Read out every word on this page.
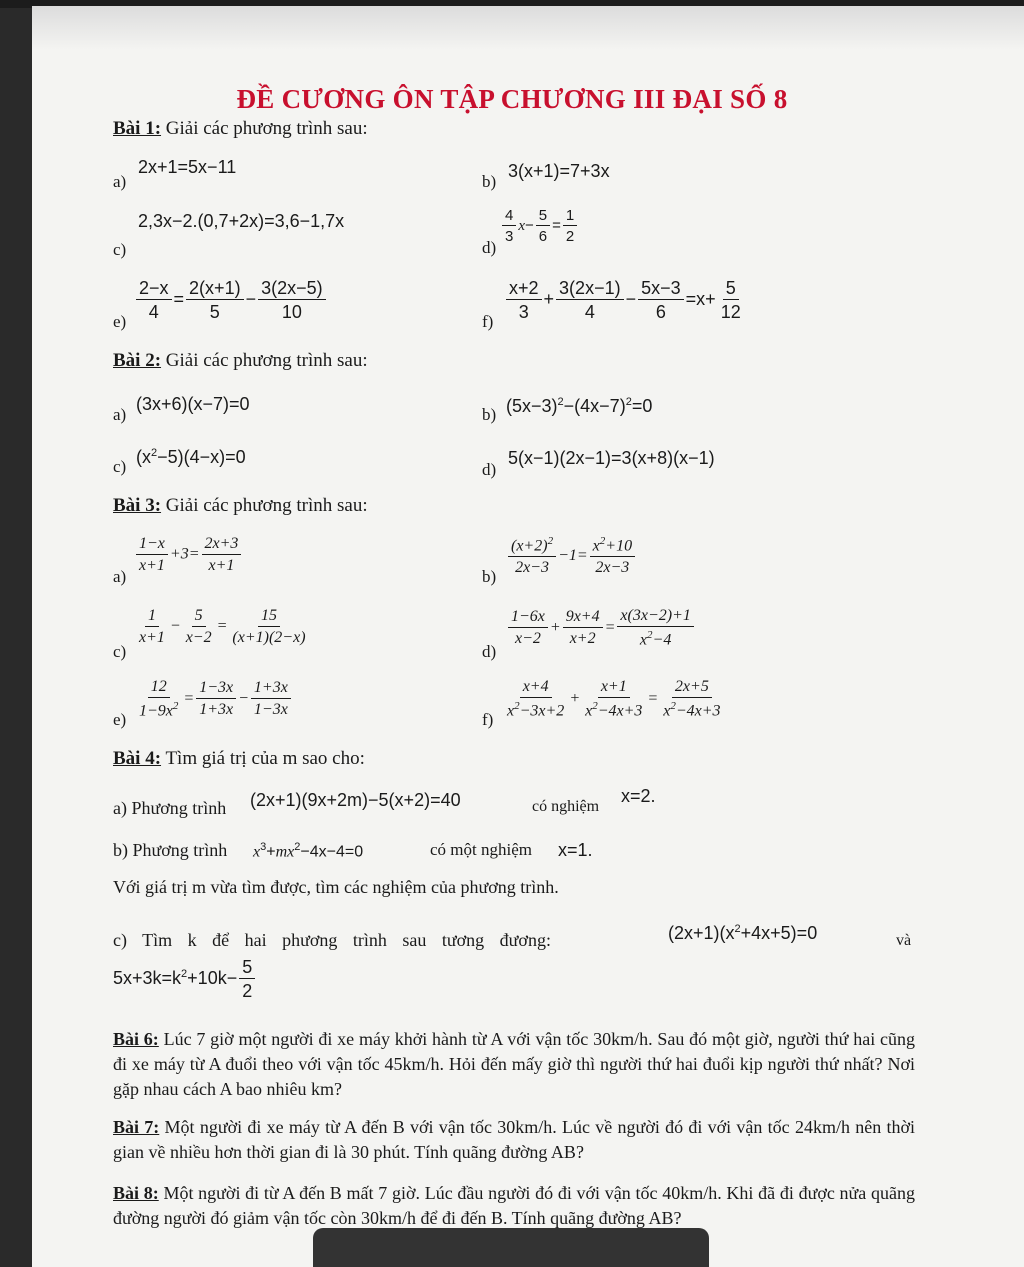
ĐỀ CƯƠNG ÔN TẬP CHƯƠNG III ĐẠI SỐ 8
Bài 1: Giải các phương trình sau:
a)
2x+1=5x−11
b)
3(x+1)=7+3x
c)
2,3x−2.(0,7+2x)=3,6−1,7x
d)
$\frac{4}{3} x- \frac{5}{6} = \frac{1}{2}$
e)
$\frac{2-x}{4} = \frac{2(x+1)}{5} - \frac{3(2x-5)}{10}$
f)
$\frac{x+2}{3} + \frac{3(2x-1)}{4} - \frac{5x-3}{6} =x+ \frac{5}{12}$
Bài 2: Giải các phương trình sau:
a)
(3x+6)(x−7)=0
b) $(5x-3)^2-(4x-7)^2=0$
c) $(x^2-5)(4-x)=0$
d)
5(x−1)(2x−1)=3(x+8)(x−1)
Bài 3: Giải các phương trình sau:
a)
$\frac{1-x}{x+1} +3= \frac{2x+3}{x+1}$
b)
$\frac{(x+2)^2}{2x-3} -1= \frac{x^2+10}{2x-3}$
c)
$\frac{1}{x+1} - \frac{5}{x-2} = \frac{15}{(x+1)(2-x)}$
d)
$\frac{1-6x}{x-2} + \frac{9x+4}{x+2} = \frac{x(3x-2)+1}{x^2-4}$
e)
$\frac{12}{1-9x^2} = \frac{1-3x}{1+3x} - \frac{1+3x}{1-3x}$
f)
$\frac{x+4}{x^2-3x+2} + \frac{x+1}{x^2-4x+3} = \frac{2x+5}{x^2-4x+3}$
Bài 4: Tìm giá trị của m sao cho:
a) Phương trình (2x+1)(9x+2m)−5(x+2)=40	có nghiệm
x=2.
b) Phương trình $x^3+mx^2-4x-4=0$	có một nghiệm x=1.
Với giá trị m vừa tìm được, tìm các nghiệm của phương trình.
c) Tìm k để hai phương trình sau tương đương:	$(2x+1)(x^2+4x+5)=0$	và
$5x+3k=k^2+10k- \frac{5}{2}$
Bài 6: Lúc 7 giờ một người đi xe máy khởi hành từ A với vận tốc 30km/h. Sau đó một giờ, người thứ hai cũng đi xe máy từ A đuổi theo với vận tốc 45km/h. Hỏi đến mấy giờ thì người thứ hai đuổi kịp người thứ nhất? Nơi gặp nhau cách A bao nhiêu km?
Bài 7: Một người đi xe máy từ A đến B với vận tốc 30km/h. Lúc về người đó đi với vận tốc 24km/h nên thời gian về nhiều hơn thời gian đi là 30 phút. Tính quãng đường AB?
Bài 8: Một người đi từ A đến B mất 7 giờ. Lúc đầu người đó đi với vận tốc 40km/h. Khi đã đi được nửa quãng đường người đó giảm vận tốc còn 30km/h để đi đến B. Tính quãng đường AB?
